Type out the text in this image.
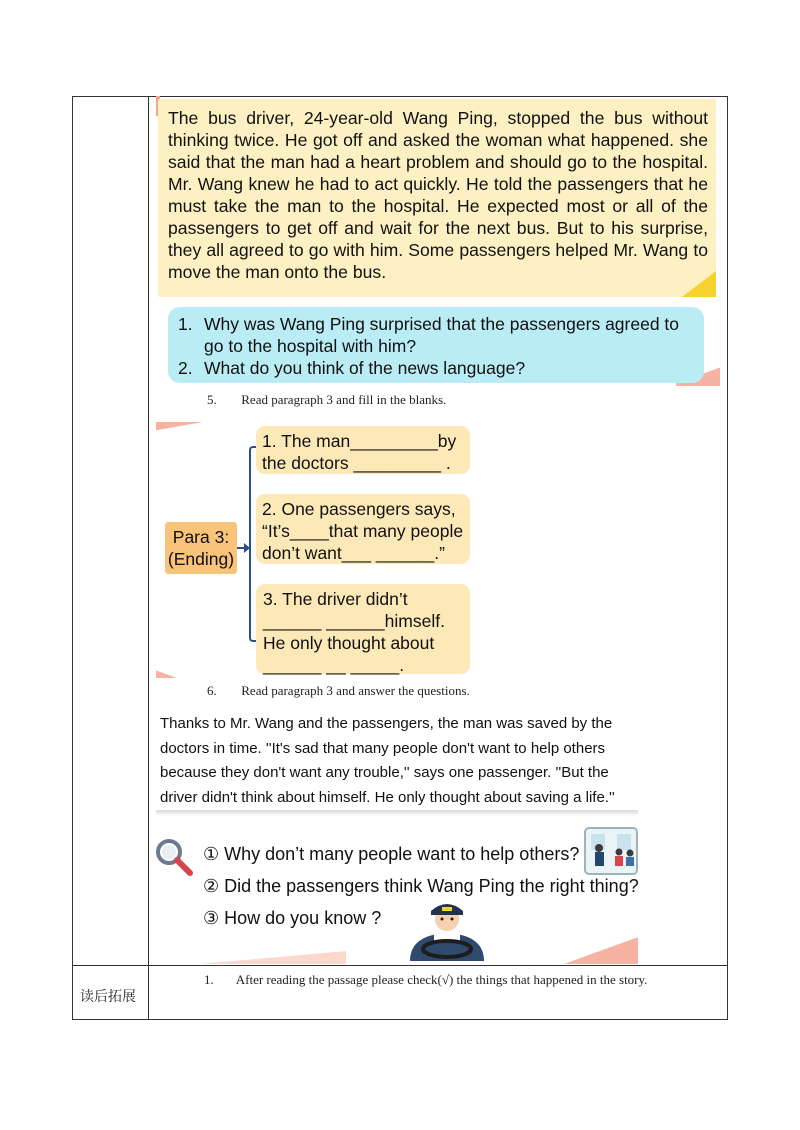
The bus driver, 24-year-old Wang Ping, stopped the bus without thinking twice. He got off and asked the woman what happened. she said that the man had a heart problem and should go to the hospital. Mr. Wang knew he had to act quickly. He told the passengers that he must take the man to the hospital. He expected most or all of the passengers to get off and wait for the next bus. But to his surprise, they all agreed to go with him. Some passengers helped Mr. Wang to move the man onto the bus.
1. Why was Wang Ping surprised that the passengers agreed to go to the hospital with him?
2. What do you think of the news language?
5. Read paragraph 3 and fill in the blanks.
Para 3:
(Ending)
1. The man_________by
the doctors _________ .
2. One passengers says,
“It’s____that many people
don’t want___ ______.”
3. The driver didn’t
______ ______himself.
He only thought about
______ __ _____.
6. Read paragraph 3 and answer the questions.
Thanks to Mr. Wang and the passengers, the man was saved by the
doctors in time. ''It's sad that many people don't want to help others
because they don't want any trouble,'' says one passenger. ''But the
driver didn't think about himself. He only thought about saving a life.''
① Why don’t many people want to help others?
② Did the passengers think Wang Ping the right thing?
③ How do you know ?
读后拓展
1. After reading the passage please check(√) the things that happened in the story.
